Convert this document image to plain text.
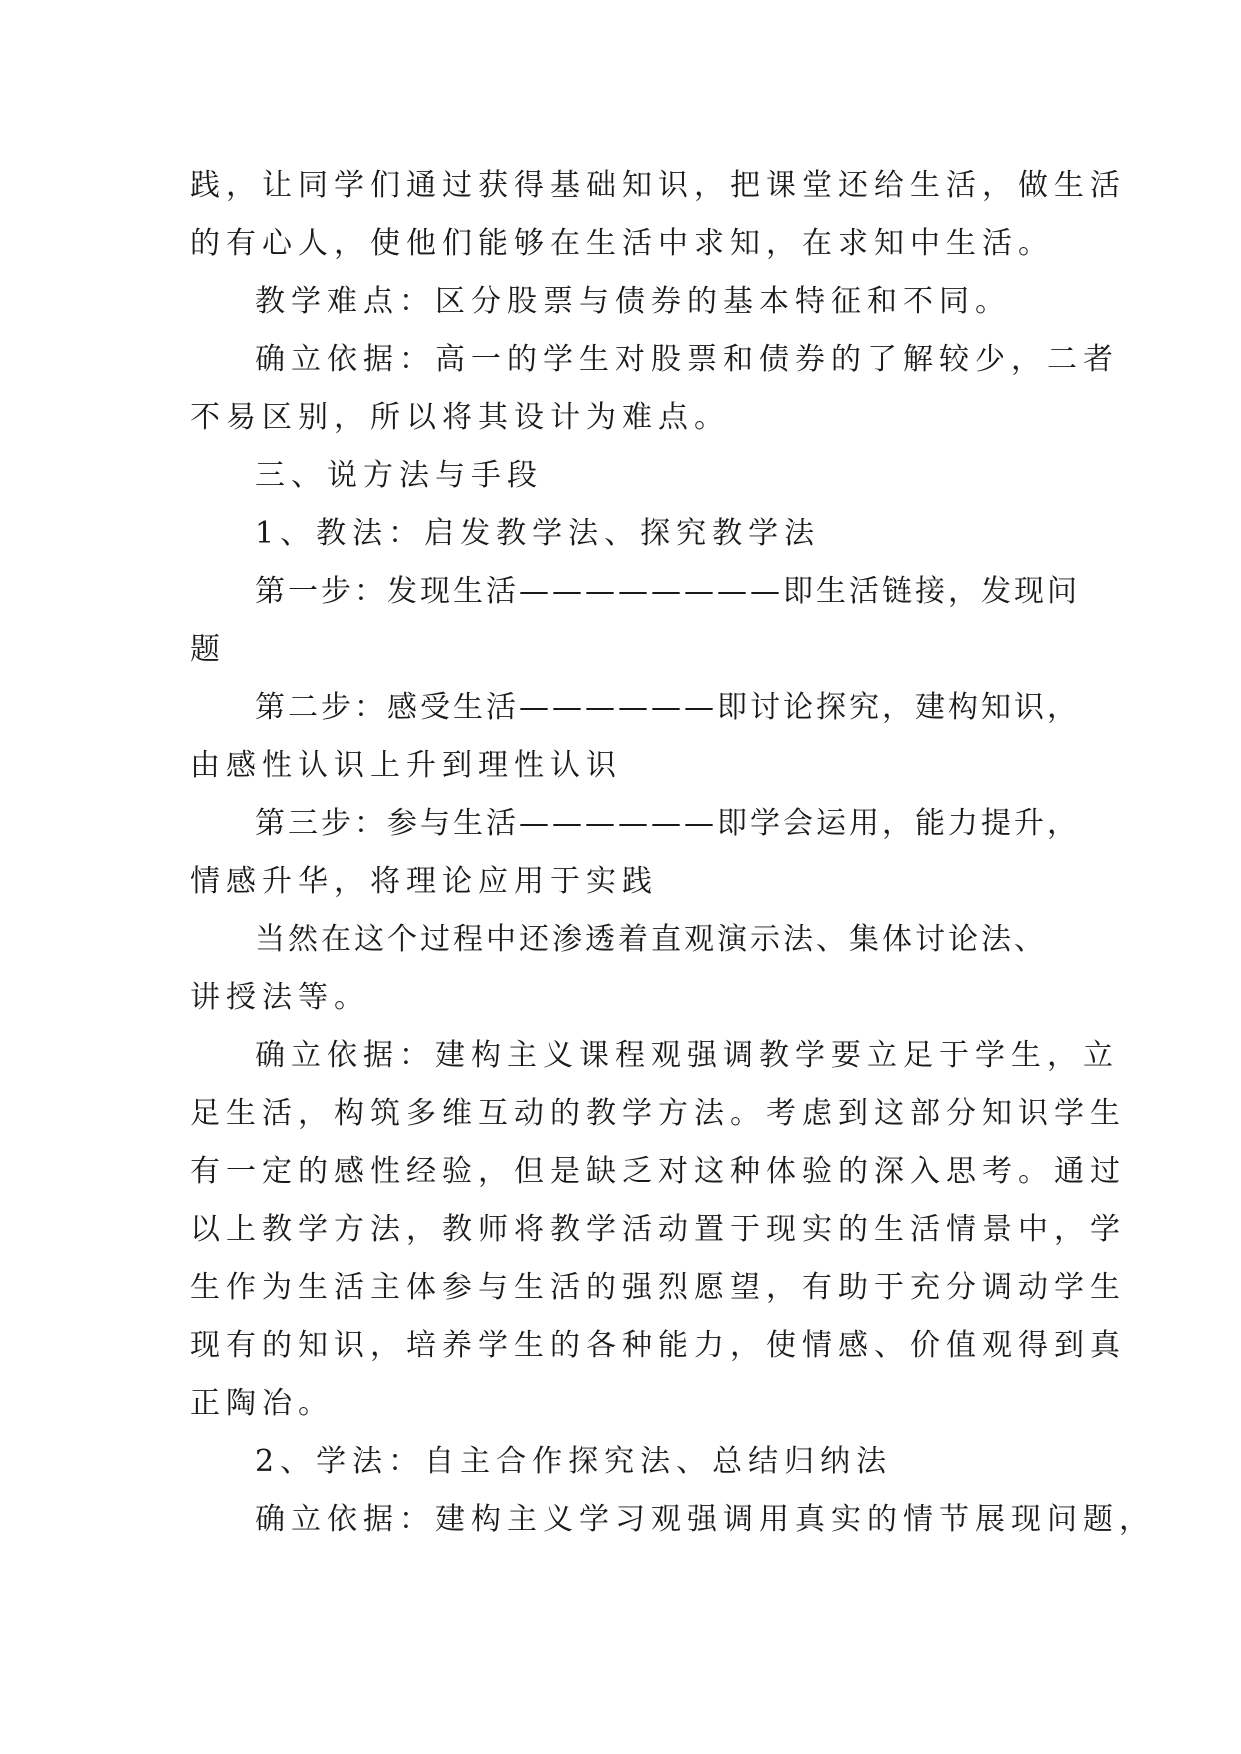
践，让同学们通过获得基础知识，把课堂还给生活，做生活
的有心人，使他们能够在生活中求知，在求知中生活。
教学难点：区分股票与债券的基本特征和不同。
确立依据：高一的学生对股票和债券的了解较少，二者
不易区别，所以将其设计为难点。
三、说方法与手段
1、教法：启发教学法、探究教学法
第一步：发现生活————————即生活链接，发现问
题
第二步：感受生活——————即讨论探究，建构知识，
由感性认识上升到理性认识
第三步：参与生活——————即学会运用，能力提升，
情感升华，将理论应用于实践
当然在这个过程中还渗透着直观演示法、集体讨论法、
讲授法等。
确立依据：建构主义课程观强调教学要立足于学生，立
足生活，构筑多维互动的教学方法。考虑到这部分知识学生
有一定的感性经验，但是缺乏对这种体验的深入思考。通过
以上教学方法，教师将教学活动置于现实的生活情景中，学
生作为生活主体参与生活的强烈愿望，有助于充分调动学生
现有的知识，培养学生的各种能力，使情感、价值观得到真
正陶冶。
2、学法：自主合作探究法、总结归纳法
确立依据：建构主义学习观强调用真实的情节展现问题，
